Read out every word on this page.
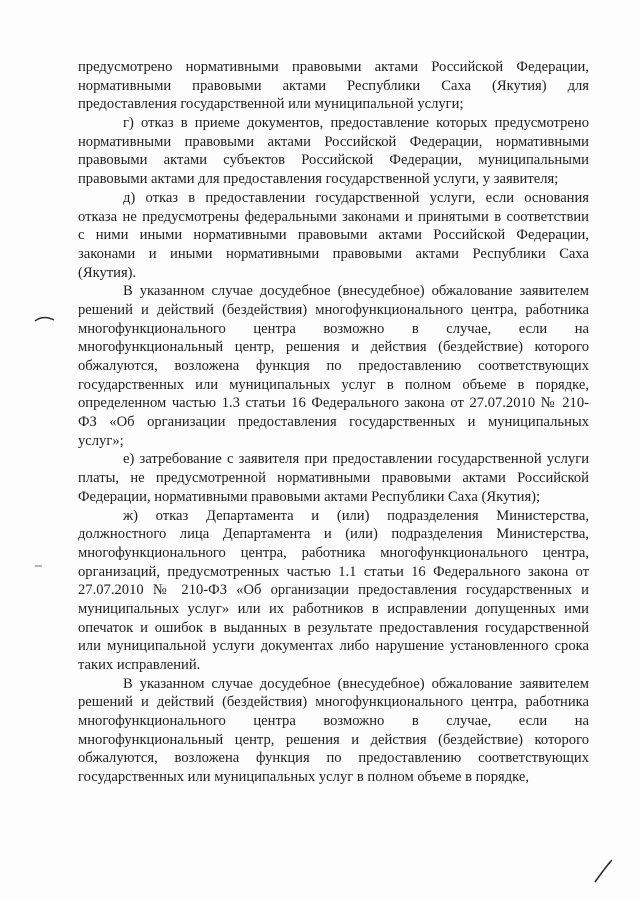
предусмотрено нормативными правовыми актами Российской Федерации,
нормативными правовыми актами Республики Саха (Якутия) для
предоставления государственной или муниципальной услуги;
г) отказ в приеме документов, предоставление которых предусмотрено
нормативными правовыми актами Российской Федерации, нормативными
правовыми актами субъектов Российской Федерации, муниципальными
правовыми актами для предоставления государственной услуги, у заявителя;
д) отказ в предоставлении государственной услуги, если основания
отказа не предусмотрены федеральными законами и принятыми в соответствии
с ними иными нормативными правовыми актами Российской Федерации,
законами и иными нормативными правовыми актами Республики Саха
(Якутия).
В указанном случае досудебное (внесудебное) обжалование заявителем
решений и действий (бездействия) многофункционального центра, работника
многофункционального центра возможно в случае, если на
многофункциональный центр, решения и действия (бездействие) которого
обжалуются, возложена функция по предоставлению соответствующих
государственных или муниципальных услуг в полном объеме в порядке,
определенном частью 1.3 статьи 16 Федерального закона от 27.07.2010 № 210-
ФЗ «Об организации предоставления государственных и муниципальных
услуг»;
е) затребование с заявителя при предоставлении государственной услуги
платы, не предусмотренной нормативными правовыми актами Российской
Федерации, нормативными правовыми актами Республики Саха (Якутия);
ж) отказ Департамента и (или) подразделения Министерства,
должностного лица Департамента и (или) подразделения Министерства,
многофункционального центра, работника многофункционального центра,
организаций, предусмотренных частью 1.1 статьи 16 Федерального закона от
27.07.2010 № 210-ФЗ «Об организации предоставления государственных и
муниципальных услуг» или их работников в исправлении допущенных ими
опечаток и ошибок в выданных в результате предоставления государственной
или муниципальной услуги документах либо нарушение установленного срока
таких исправлений.
В указанном случае досудебное (внесудебное) обжалование заявителем
решений и действий (бездействия) многофункционального центра, работника
многофункционального центра возможно в случае, если на
многофункциональный центр, решения и действия (бездействие) которого
обжалуются, возложена функция по предоставлению соответствующих
государственных или муниципальных услуг в полном объеме в порядке,
